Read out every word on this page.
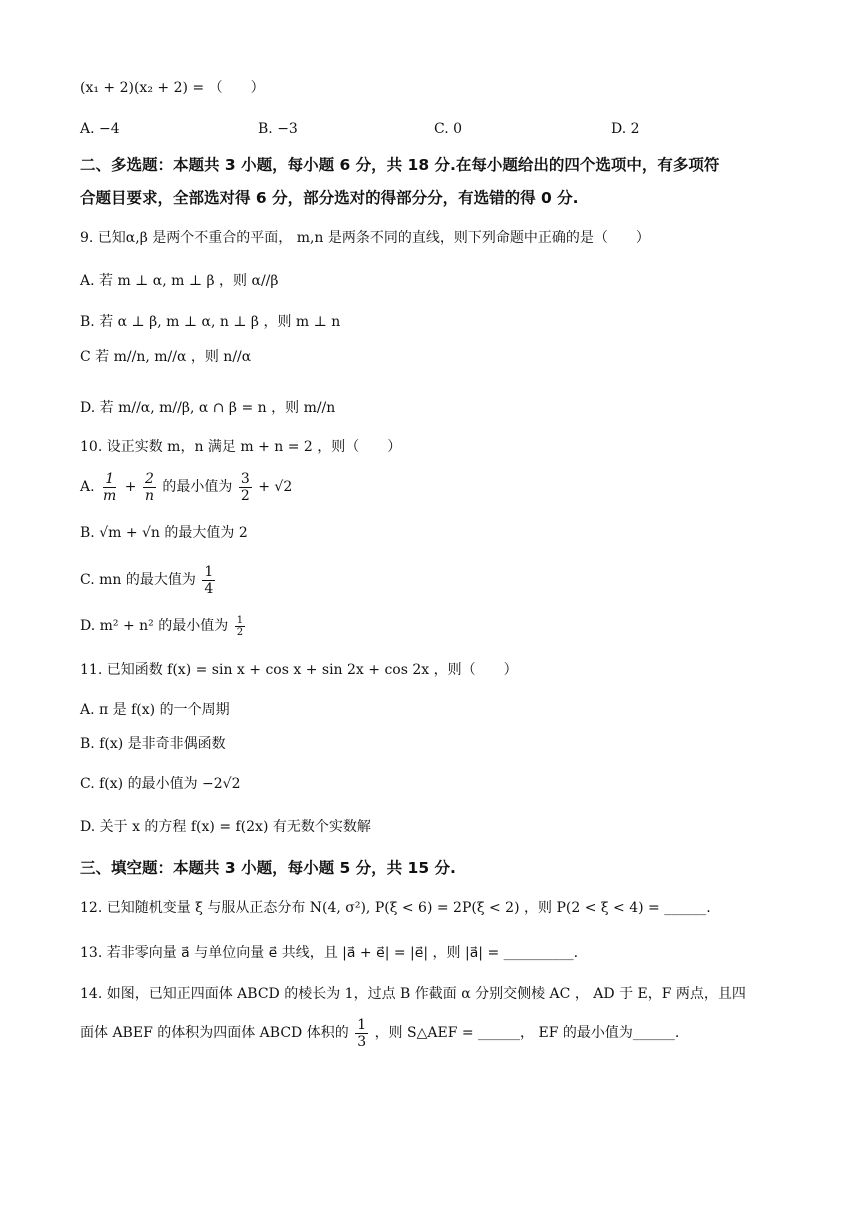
(x₁ + 2)(x₂ + 2) = （　　）
A. −4	B. −3	C. 0	D. 2
二、多选题：本题共 3 小题，每小题 6 分，共 18 分.在每小题给出的四个选项中，有多项符
合题目要求，全部选对得 6 分，部分选对的得部分分，有选错的得 0 分.
9. 已知α,β 是两个不重合的平面， m,n 是两条不同的直线，则下列命题中正确的是（　　）
A. 若 m ⊥ α, m ⊥ β ，则 α//β
B. 若 α ⊥ β, m ⊥ α, n ⊥ β ，则 m ⊥ n
C 若 m//n, m//α ，则 n//α
D. 若 m//α, m//β, α ∩ β = n ，则 m//n
10. 设正实数 m，n 满足 m + n = 2 ，则（　　）
A. $\frac{1}{m} + \frac{2}{n}$ 的最小值为 $\frac{3}{2} + √2$
B. √m + √n 的最大值为 2
C. mn 的最大值为 $\frac{1}{4}$
D. m² + n² 的最小值为 $\frac{1}{2}$
11. 已知函数 f(x) = sin x + cos x + sin 2x + cos 2x ，则（　　）
A. π 是 f(x) 的一个周期
B. f(x) 是非奇非偶函数
C. f(x) 的最小值为 −2√2
D. 关于 x 的方程 f(x) = f(2x) 有无数个实数解
三、填空题：本题共 3 小题，每小题 5 分，共 15 分.
12. 已知随机变量 ξ 与服从正态分布 N(4, σ²), P(ξ < 6) = 2P(ξ < 2) ，则 P(2 < ξ < 4) = ______.
13. 若非零向量 a⃗ 与单位向量 e⃗ 共线，且 |a⃗ + e⃗| = |e⃗| ，则 |a⃗| = __________.
14. 如图，已知正四面体 ABCD 的棱长为 1，过点 B 作截面 α 分别交侧棱 AC ， AD 于 E，F 两点，且四
面体 ABEF 的体积为四面体 ABCD 体积的 $\frac{1}{3}$ ，则 S△AEF = ______， EF 的最小值为______.
